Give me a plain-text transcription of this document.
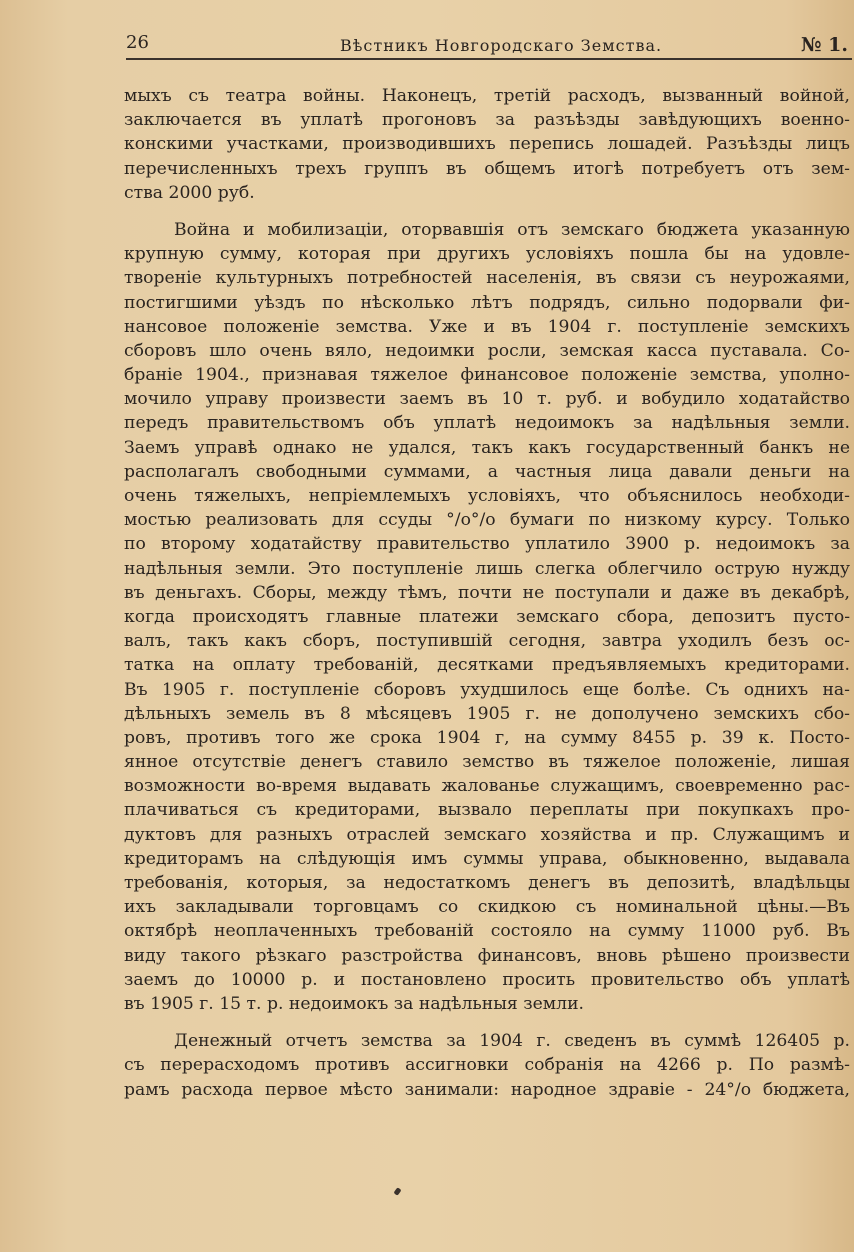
26	Вѣстникъ Новгородскаго Земства.	№ 1.
мыхъ съ театра войны. Наконецъ, третій расходъ, вызванный войной,
заключается въ уплатѣ прогоновъ за разъѣзды завѣдующихъ военно-
конскими участками, производившихъ перепись лошадей. Разъѣзды лицъ
перечисленныхъ трехъ группъ въ общемъ итогѣ потребуетъ отъ зем-
ства 2000 руб.
Война и мобилизаціи, оторвавшія отъ земскаго бюджета указанную
крупную сумму, которая при другихъ условіяхъ пошла бы на удовле-
твореніе культурныхъ потребностей населенія, въ связи съ неурожаями,
постигшими уѣздъ по нѣсколько лѣтъ подрядъ, сильно подорвали фи-
нансовое положеніе земства. Уже и въ 1904 г. поступленіе земскихъ
сборовъ шло очень вяло, недоимки росли, земская касса пуставала. Со-
браніе 1904., признавая тяжелое финансовое положеніе земства, уполно-
мочило управу произвести заемъ въ 10 т. руб. и вобудило ходатайство
передъ правительствомъ объ уплатѣ недоимокъ за надѣльныя земли.
Заемъ управѣ однако не удался, такъ какъ государственный банкъ не
располагалъ свободными суммами, а частныя лица давали деньги на
очень тяжелыхъ, непріемлемыхъ условіяхъ, что объяснилось необходи-
мостью реализовать для ссуды °/о°/о бумаги по низкому курсу. Только
по второму ходатайству правительство уплатило 3900 р. недоимокъ за
надѣльныя земли. Это поступленіе лишь слегка облегчило острую нужду
въ деньгахъ. Сборы, между тѣмъ, почти не поступали и даже въ декабрѣ,
когда происходятъ главные платежи земскаго сбора, депозитъ пусто-
валъ, такъ какъ сборъ, поступившій сегодня, завтра уходилъ безъ ос-
татка на оплату требованій, десятками предъявляемыхъ кредиторами.
Въ 1905 г. поступленіе сборовъ ухудшилось еще болѣе. Съ однихъ на-
дѣльныхъ земель въ 8 мѣсяцевъ 1905 г. не дополучено земскихъ сбо-
ровъ, противъ того же срока 1904 г, на сумму 8455 р. 39 к. Посто-
янное отсутствіе денегъ ставило земство въ тяжелое положеніе, лишая
возможности во-время выдавать жалованье служащимъ, своевременно рас-
плачиваться съ кредиторами, вызвало переплаты при покупкахъ про-
дуктовъ для разныхъ отраслей земскаго хозяйства и пр. Служащимъ и
кредиторамъ на слѣдующія имъ суммы управа, обыкновенно, выдавала
требованія, которыя, за недостаткомъ денегъ въ депозитѣ, владѣльцы
ихъ закладывали торговцамъ со скидкою съ номинальной цѣны.—Въ
октябрѣ неоплаченныхъ требованій состояло на сумму 11000 руб. Въ
виду такого рѣзкаго разстройства финансовъ, вновь рѣшено произвести
заемъ до 10000 р. и постановлено просить провительство объ уплатѣ
въ 1905 г. 15 т. р. недоимокъ за надѣльныя земли.
Денежный отчетъ земства за 1904 г. сведенъ въ суммѣ 126405 р.
съ перерасходомъ противъ ассигновки собранія на 4266 р. По размѣ-
рамъ расхода первое мѣсто занимали: народное здравіе - 24°/о бюджета,
